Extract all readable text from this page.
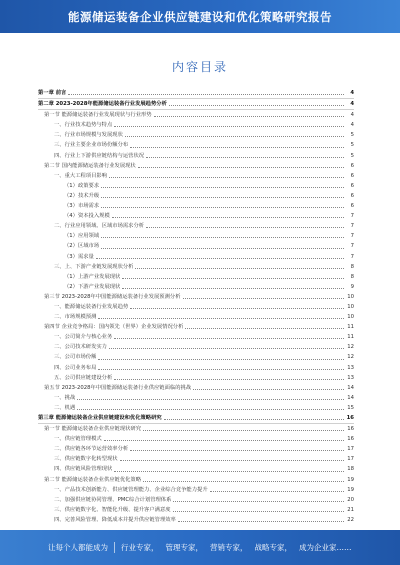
能源储运装备企业供应链建设和优化策略研究报告
内容目录
第一章 前言	4
第二章 2023-2028年能源储运装备行业发展趋势分析	4
第一节 能源储运装备行业发展现状与行业形势	4
一、行业技术趋势与特点	4
二、行业市场规模与发展现状	5
三、行业主要企业市场份额分布	5
四、行业上下游供应链结构与运营状况	5
第二节 国内能源储运装备行业发展现状	6
一、重大工程项目影响	6
（1）政策要求	6
（2）技术升级	6
（3）市场需求	6
（4）资本投入规模	7
二、行业应用领域、区域市场需求分析	7
（1）应用领域	7
（2）区域市场	7
（3）需求量	7
三、上、下游产业链发展现状分析	8
（1）上游产业发展现状	8
（2）下游产业发展现状	9
第三节 2023-2028年中国能源储运装备行业发展预测分析	10
一、能源储运装备行业发展趋势	10
二、市场规模预测	10
第四节 企业竞争格局：国内领先（世界）企业发展情况分析	11
一、公司简介与核心业务	11
二、公司技术研发实力	12
三、公司市场份额	12
四、公司业务布局	13
五、公司供应链建设分析	13
第五节 2023-2028年中国能源储运装备行业供应链面临的挑战	14
一、挑战	14
二、机遇	15
第三章 能源储运装备企业供应链建设和优化策略研究	16
第一节 能源储运装备企业供应链现状研究	16
一、供应链管理模式	16
二、供应链各环节运营效率分析	17
三、供应链数字化转型现状	17
四、供应链风险管理现状	18
第二节 能源储运装备企业供应链优化策略	19
一、产品技术创新能力、供应链管理能力、企业综合竞争能力提升	19
二、加强供应链协同管理、PMC综合计划管理体系	20
三、供应链数字化、智能化升级、提升客户满意度	21
四、完善风险管理、降低成本并提升供应链管理效率	22
让每个人都能成为 行业专家， 管理专家， 营销专家， 战略专家， 成为企业家……
